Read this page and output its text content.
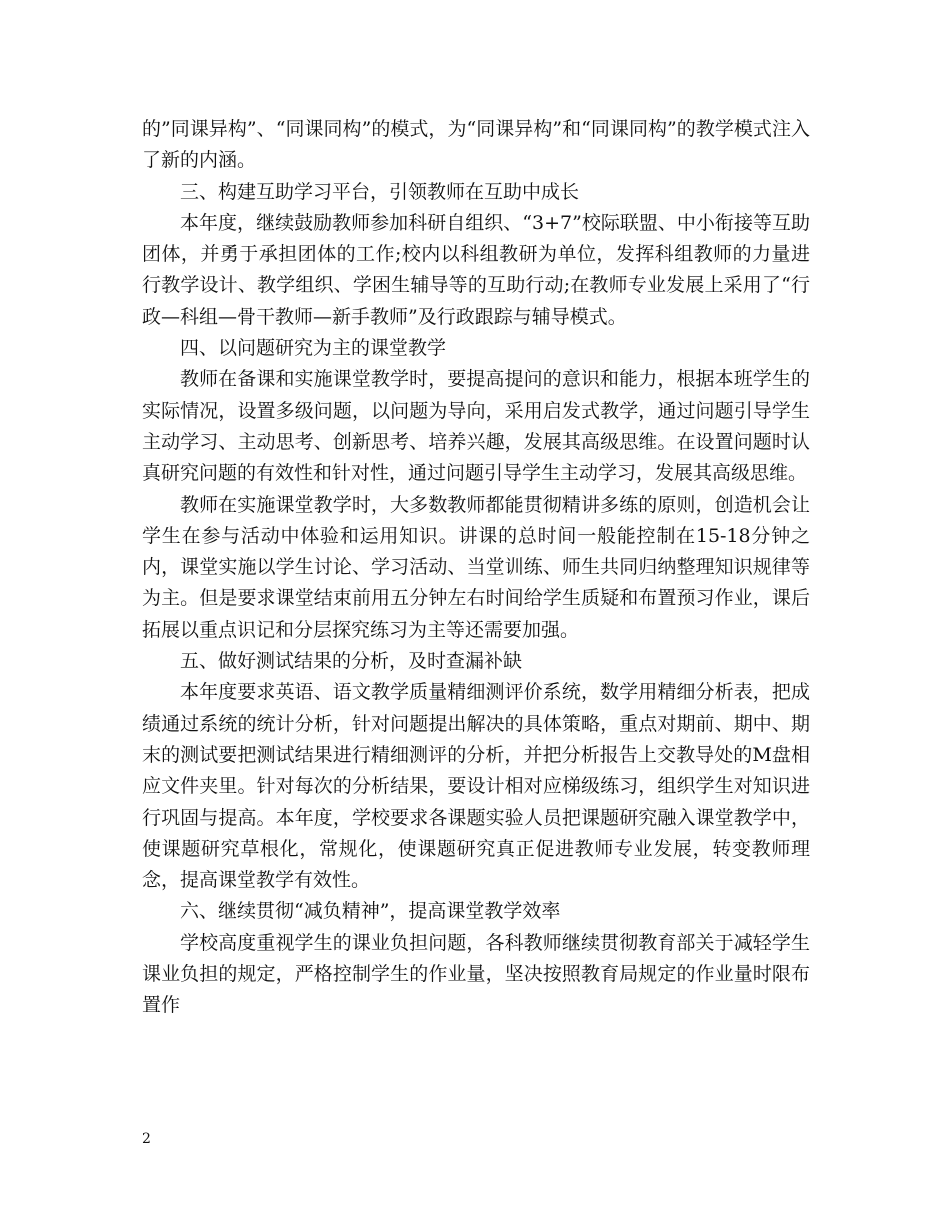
的”同课异构”、“同课同构”的模式，为“同课异构”和“同课同构”的教学模式注入了新的内涵。

三、构建互助学习平台，引领教师在互助中成长

本年度，继续鼓励教师参加科研自组织、“3+7”校际联盟、中小衔接等互助团体，并勇于承担团体的工作;校内以科组教研为单位，发挥科组教师的力量进行教学设计、教学组织、学困生辅导等的互助行动;在教师专业发展上采用了“行政—科组—骨干教师—新手教师”及行政跟踪与辅导模式。

四、以问题研究为主的课堂教学

教师在备课和实施课堂教学时，要提高提问的意识和能力，根据本班学生的实际情况，设置多级问题，以问题为导向，采用启发式教学，通过问题引导学生主动学习、主动思考、创新思考、培养兴趣，发展其高级思维。在设置问题时认真研究问题的有效性和针对性，通过问题引导学生主动学习，发展其高级思维。

教师在实施课堂教学时，大多数教师都能贯彻精讲多练的原则，创造机会让学生在参与活动中体验和运用知识。讲课的总时间一般能控制在15-18分钟之内，课堂实施以学生讨论、学习活动、当堂训练、师生共同归纳整理知识规律等为主。但是要求课堂结束前用五分钟左右时间给学生质疑和布置预习作业，课后拓展以重点识记和分层探究练习为主等还需要加强。

五、做好测试结果的分析，及时查漏补缺

本年度要求英语、语文教学质量精细测评价系统，数学用精细分析表，把成绩通过系统的统计分析，针对问题提出解决的具体策略，重点对期前、期中、期末的测试要把测试结果进行精细测评的分析，并把分析报告上交教导处的M盘相应文件夹里。针对每次的分析结果，要设计相对应梯级练习，组织学生对知识进行巩固与提高。本年度，学校要求各课题实验人员把课题研究融入课堂教学中，使课题研究草根化，常规化，使课题研究真正促进教师专业发展，转变教师理念，提高课堂教学有效性。

六、继续贯彻“减负精神”，提高课堂教学效率

学校高度重视学生的课业负担问题，各科教师继续贯彻教育部关于减轻学生课业负担的规定，严格控制学生的作业量，坚决按照教育局规定的作业量时限布置作

2
